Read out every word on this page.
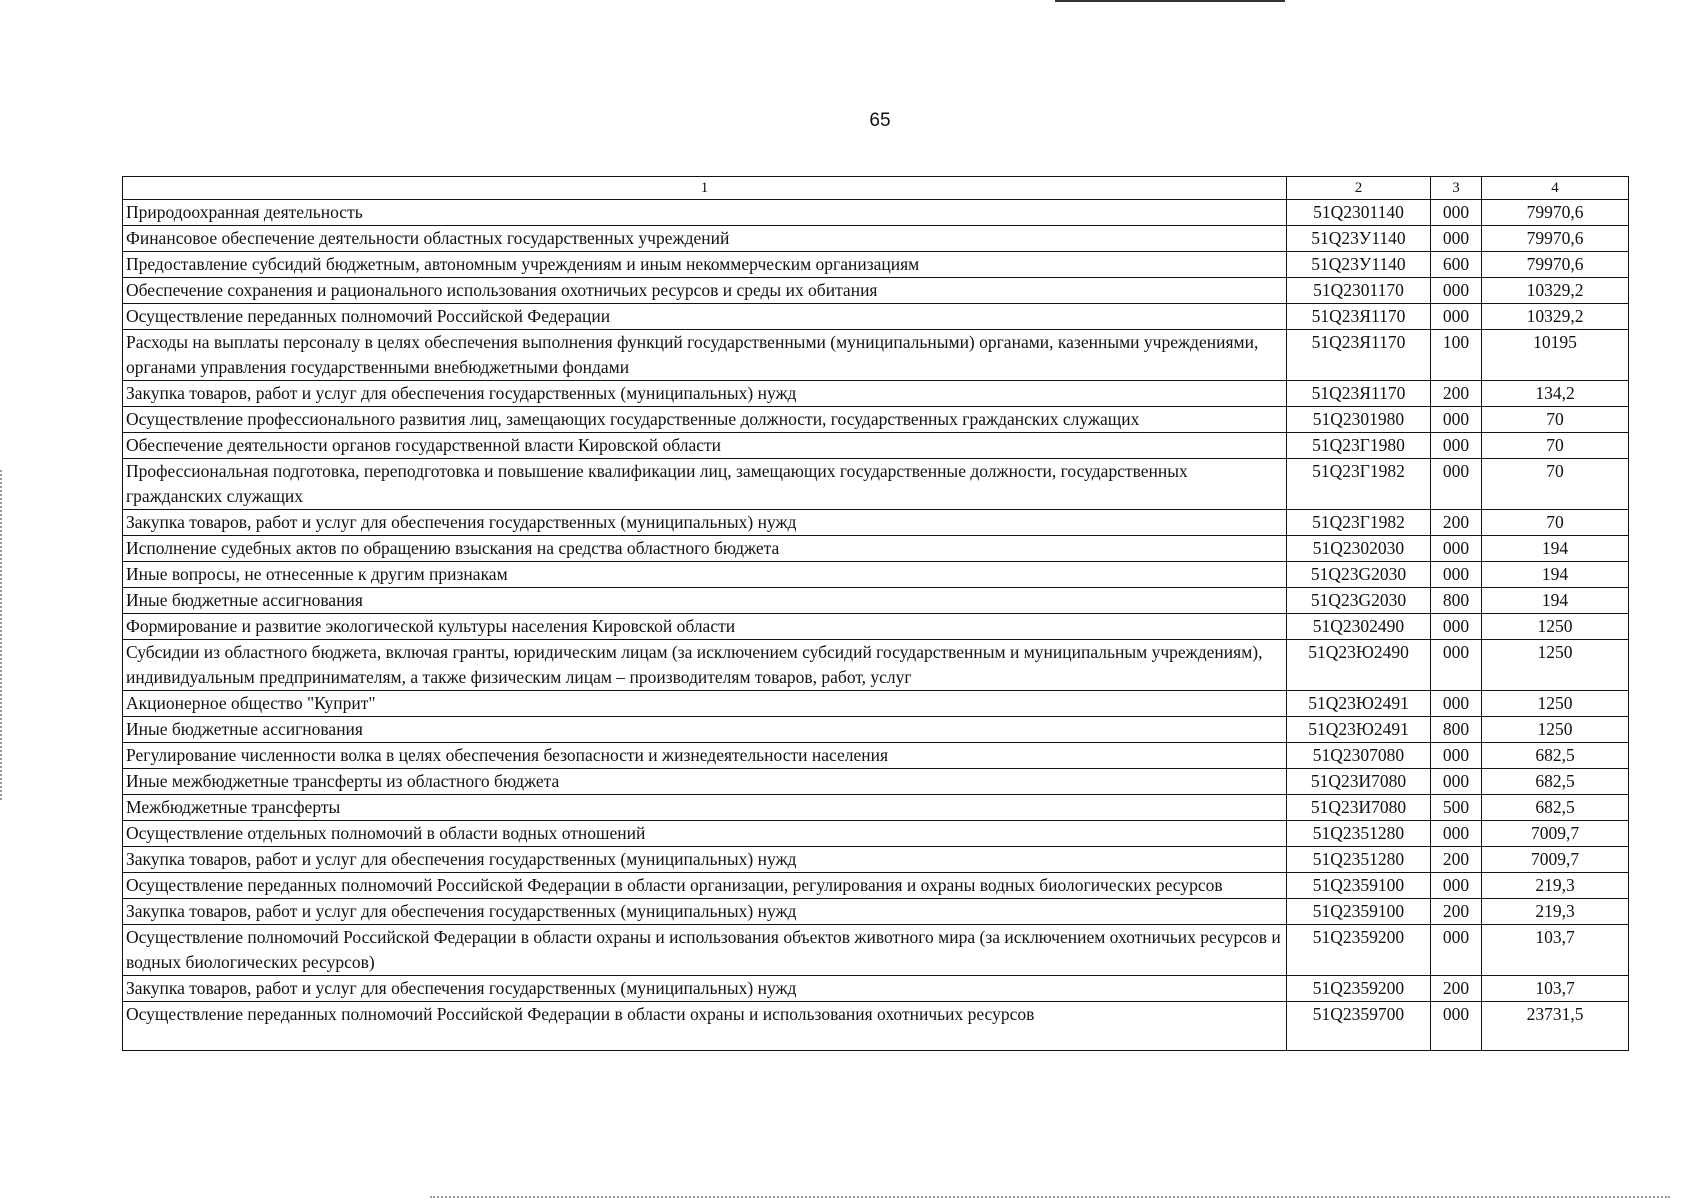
65
1	2	3	4
Природоохранная деятельность	51Q2301140	000	79970,6
Финансовое обеспечение деятельности областных государственных учреждений	51Q23У1140	000	79970,6
Предоставление субсидий бюджетным, автономным учреждениям и иным некоммерческим организациям	51Q23У1140	600	79970,6
Обеспечение сохранения и рационального использования охотничьих ресурсов и среды их обитания	51Q2301170	000	10329,2
Осуществление переданных полномочий Российской Федерации	51Q23Я1170	000	10329,2
Расходы на выплаты персоналу в целях обеспечения выполнения функций государственными (муниципальными) органами, казенными учреждениями, органами управления государственными внебюджетными фондами	51Q23Я1170	100	10195
Закупка товаров, работ и услуг для обеспечения государственных (муниципальных) нужд	51Q23Я1170	200	134,2
Осуществление профессионального развития лиц, замещающих государственные должности, государственных гражданских служащих	51Q2301980	000	70
Обеспечение деятельности органов государственной власти Кировской области	51Q23Г1980	000	70
Профессиональная подготовка, переподготовка и повышение квалификации лиц, замещающих государственные должности, государственных гражданских служащих	51Q23Г1982	000	70
Закупка товаров, работ и услуг для обеспечения государственных (муниципальных) нужд	51Q23Г1982	200	70
Исполнение судебных актов по обращению взыскания на средства областного бюджета	51Q2302030	000	194
Иные вопросы, не отнесенные к другим признакам	51Q23G2030	000	194
Иные бюджетные ассигнования	51Q23G2030	800	194
Формирование и развитие экологической культуры населения Кировской области	51Q2302490	000	1250
Субсидии из областного бюджета, включая гранты, юридическим лицам (за исключением субсидий государственным и муниципальным учреждениям), индивидуальным предпринимателям, а также физическим лицам – производителям товаров, работ, услуг	51Q23Ю2490	000	1250
Акционерное общество "Куприт"	51Q23Ю2491	000	1250
Иные бюджетные ассигнования	51Q23Ю2491	800	1250
Регулирование численности волка в целях обеспечения безопасности и жизнедеятельности населения	51Q2307080	000	682,5
Иные межбюджетные трансферты из областного бюджета	51Q23И7080	000	682,5
Межбюджетные трансферты	51Q23И7080	500	682,5
Осуществление отдельных полномочий в области водных отношений	51Q2351280	000	7009,7
Закупка товаров, работ и услуг для обеспечения государственных (муниципальных) нужд	51Q2351280	200	7009,7
Осуществление переданных полномочий Российской Федерации в области организации, регулирования и охраны водных биологических ресурсов	51Q2359100	000	219,3
Закупка товаров, работ и услуг для обеспечения государственных (муниципальных) нужд	51Q2359100	200	219,3
Осуществление полномочий Российской Федерации в области охраны и использования объектов животного мира (за исключением охотничьих ресурсов и водных биологических ресурсов)	51Q2359200	000	103,7
Закупка товаров, работ и услуг для обеспечения государственных (муниципальных) нужд	51Q2359200	200	103,7
Осуществление переданных полномочий Российской Федерации в области охраны и использования охотничьих ресурсов	51Q2359700	000	23731,5
